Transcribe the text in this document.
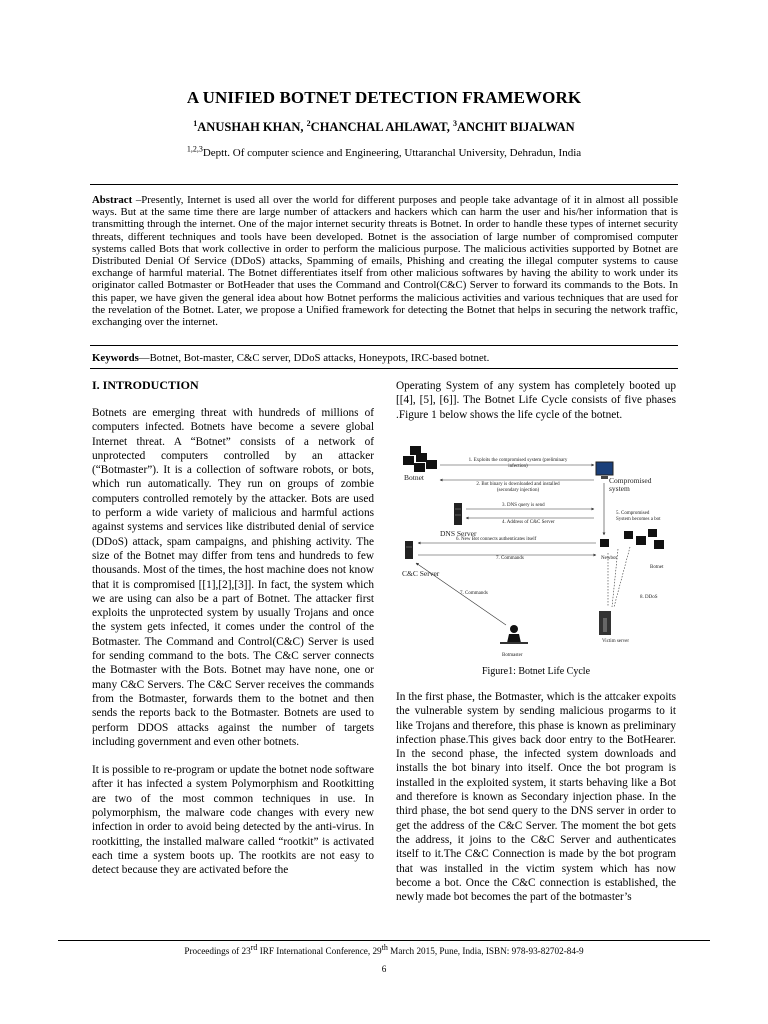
A UNIFIED BOTNET DETECTION FRAMEWORK
$^1$ANUSHAH KHAN, $^2$CHANCHAL AHLAWAT, $^3$ANCHIT BIJALWAN
$^{1,2,3}$Deptt. Of computer science and Engineering, Uttaranchal University, Dehradun, India
Abstract –Presently, Internet is used all over the world for different purposes and people take advantage of it in almost all possible ways. But at the same time there are large number of attackers and hackers which can harm the user and his/her information that is transmitting through the internet. One of the major internet security threats is Botnet. In order to handle these types of internet security threats, different techniques and tools have been developed. Botnet is the association of large number of compromised computer systems called Bots that work collective in order to perform the malicious purpose. The malicious activities supported by Botnet are Distributed Denial Of Service (DDoS) attacks, Spamming of emails, Phishing and creating the illegal computer systems to cause exchange of harmful material. The Botnet differentiates itself from other malicious softwares by having the ability to work under its originator called Botmaster or BotHeader that uses the Command and Control(C&C) Server to forward its commands to the Bots. In this paper, we have given the general idea about how Botnet performs the malicious activities and various techniques that are used for the revelation of the Botnet. Later, we propose a Unified framework for detecting the Botnet that helps in securing the network traffic, exchanging over the internet.
Keywords—Botnet, Bot-master, C&C server, DDoS attacks, Honeypots, IRC-based botnet.
I. INTRODUCTION

Botnets are emerging threat with hundreds of millions of computers infected. Botnets have become a severe global Internet threat. A “Botnet” consists of a network of unprotected computers controlled by an attacker (“Botmaster”). It is a collection of software robots, or bots, which run automatically. They run on groups of zombie computers controlled remotely by the attacker. Bots are used to perform a wide variety of malicious and harmful actions against systems and services like distributed denial of service (DDoS) attack, spam campaigns, and phishing activity. The size of the Botnet may differ from tens and hundreds to few thousands. Most of the times, the host machine does not know that it is compromised [[1],[2],[3]]. In fact, the system which we are using can also be a part of Botnet. The attacker first exploits the unprotected system by usually Trojans and once the system gets infected, it comes under the control of the Botmaster. The Command and Control(C&C) Server is used for sending command to the bots. The C&C server connects the Botmaster with the Bots. Botnet may have none, one or many C&C Servers. The C&C Server receives the commands from the Botmaster, forwards them to the botnet and then sends the reports back to the Botmaster. Botnets are used to perform DDOS attacks against the number of targets including government and even other botnets.

It is possible to re-program or update the botnet node software after it has infected a system Polymorphism and Rootkitting are two of the most common techniques in use. In polymorphism, the malware code changes with every new infection in order to avoid being detected by the anti-virus. In rootkitting, the installed malware called “rootkit” is activated each time a system boots up. The rootkits are not easy to detect because they are activated before the

Operating System of any system has completely booted up [[4], [5], [6]]. The Botnet Life Cycle consists of five phases .Figure 1 below shows the life cycle of the botnet.

Botnet	Compromised system
DNS Server
5. Compromised System becomes a bot
C&C Server
Newbot
Botnet
8. DDoS
Victim server
Botmaster
1. Exploits the compromised system (preliminary infection)
2. Bot binary is downloaded and installed (secondary injection)
3. DNS query is send
4. Address of C&C Server
6. New Bot connects authenticates itself
7. Commands
7. Commands
Figure1: Botnet Life Cycle

In the first phase, the Botmaster, which is the attcaker expoits the vulnerable system by sending malicious progarms to it like Trojans and therefore, this phase is known as preliminary infection phase.This gives back door entry to the BotHearer. In the second phase, the infected system downloads and installs the bot binary into itself. Once the bot program is installed in the exploited system, it starts behaving like a Bot and therefore is known as Secondary injection phase. In the third phase, the bot send query to the DNS server in order to get the address of the C&C Server. The moment the bot gets the address, it joins to the C&C Server and authenticates itself to it.The C&C Connection is made by the bot program that was installed in the victim system which has now become a bot. Once the C&C connection is established, the newly made bot becomes the part of the botmaster’s

Proceedings of 23rd IRF International Conference, 29th March 2015, Pune, India, ISBN: 978-93-82702-84-9
6
